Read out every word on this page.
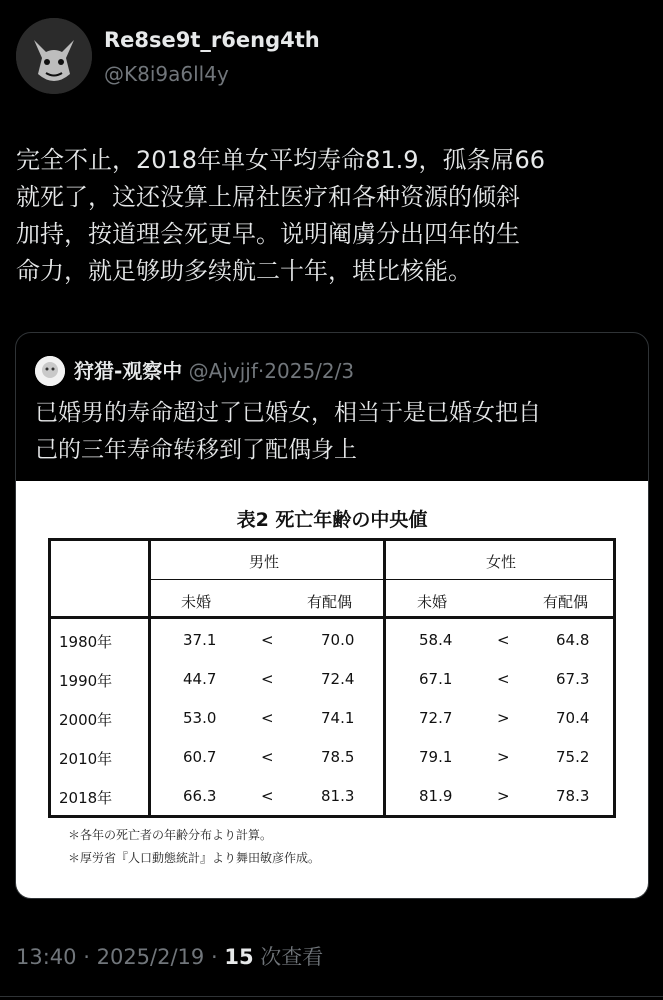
Re8se9t_r6eng4th
@K8i9a6ll4y
完全不止，2018年单女平均寿命81.9，孤条屌66
就死了，这还没算上屌社医疗和各种资源的倾斜
加持，按道理会死更早。说明阉虜分出四年的生
命力，就足够助多续航二十年，堪比核能。
狩猎-观察中 @Ajvjjf·2025/2/3
已婚男的寿命超过了已婚女，相当于是已婚女把自
己的三年寿命转移到了配偶身上
表2 死亡年齢の中央値
男性	女性
未婚	有配偶	未婚	有配偶
1980年	37.1	<	70.0	58.4	<	64.8
1990年	44.7	<	72.4	67.1	<	67.3
2000年	53.0	<	74.1	72.7	>	70.4
2010年	60.7	<	78.5	79.1	>	75.2
2018年	66.3	<	81.3	81.9	>	78.3
＊各年の死亡者の年齢分布より計算。
＊厚労省『人口動態統計』より舞田敏彦作成。
13:40 · 2025/2/19 · 15 次查看
